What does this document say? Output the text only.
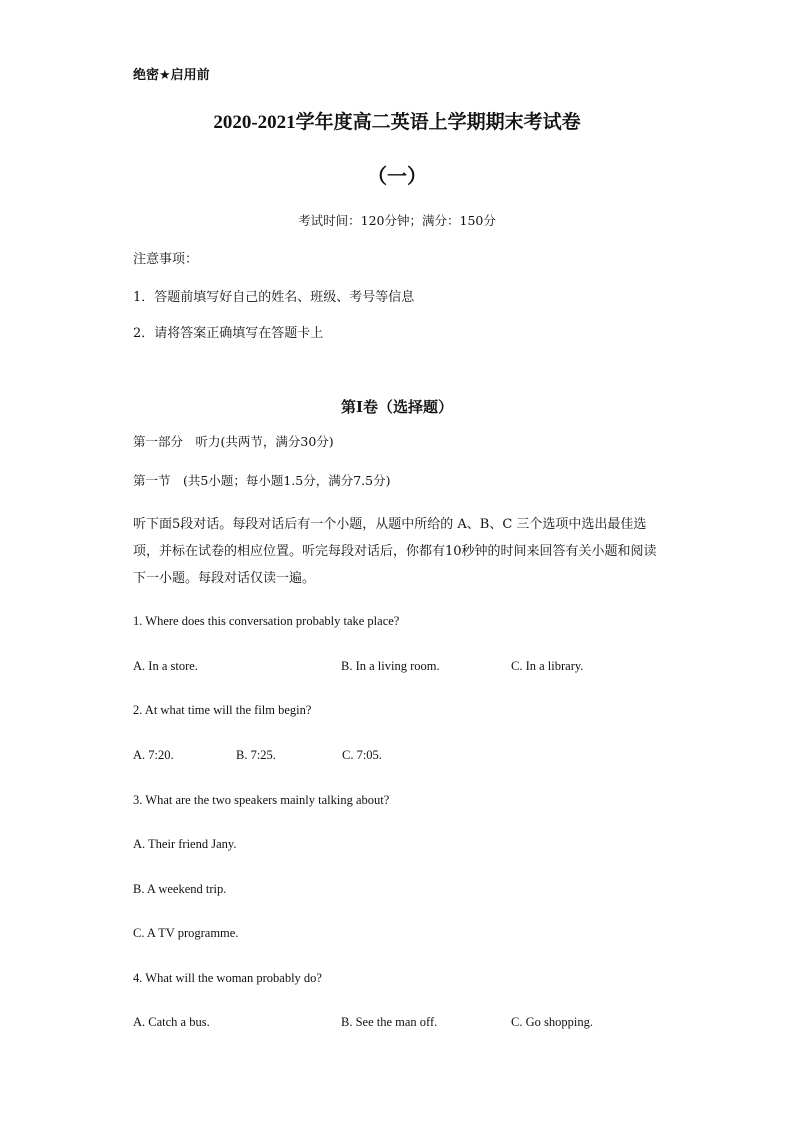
绝密★启用前
2020-2021学年度高二英语上学期期末考试卷
（一）
考试时间：120分钟；满分：150分
注意事项：
1．答题前填写好自己的姓名、班级、考号等信息
2．请将答案正确填写在答题卡上
第I卷（选择题）
第一部分　听力(共两节，满分30分)
第一节　(共5小题；每小题1.5分，满分7.5分)
听下面5段对话。每段对话后有一个小题，从题中所给的 A、B、C 三个选项中选出最佳选项，并标在试卷的相应位置。听完每段对话后，你都有10秒钟的时间来回答有关小题和阅读下一小题。每段对话仅读一遍。
1. Where does this conversation probably take place?
A. In a store.	B. In a living room.	C. In a library.
2. At what time will the film begin?
A. 7:20.	B. 7:25.	C. 7:05.
3. What are the two speakers mainly talking about?
A. Their friend Jany.
B. A weekend trip.
C. A TV programme.
4. What will the woman probably do?
A. Catch a bus.	B. See the man off.	C. Go shopping.
